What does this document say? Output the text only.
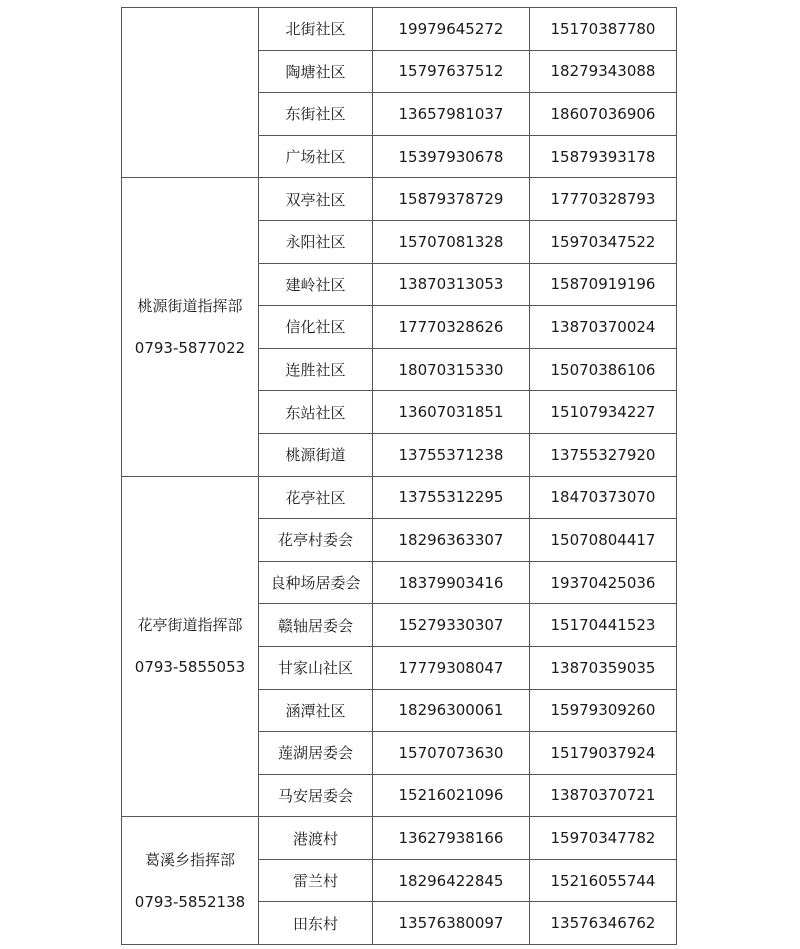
	北街社区	19979645272	15170387780
	陶塘社区	15797637512	18279343088
	东街社区	13657981037	18607036906
	广场社区	15397930678	15879393178

桃源街道指挥部
0793-5877022	双亭社区	15879378729	17770328793
	永阳社区	15707081328	15970347522
	建岭社区	13870313053	15870919196
	信化社区	17770328626	13870370024
	连胜社区	18070315330	15070386106
	东站社区	13607031851	15107934227
	桃源街道	13755371238	13755327920

花亭街道指挥部
0793-5855053	花亭社区	13755312295	18470373070
	花亭村委会	18296363307	15070804417
	良种场居委会	18379903416	19370425036
	赣轴居委会	15279330307	15170441523
	甘家山社区	17779308047	13870359035
	涵潭社区	18296300061	15979309260
	莲湖居委会	15707073630	15179037924
	马安居委会	15216021096	13870370721

葛溪乡指挥部
0793-5852138	港渡村	13627938166	15970347782
	雷兰村	18296422845	15216055744
	田东村	13576380097	13576346762
